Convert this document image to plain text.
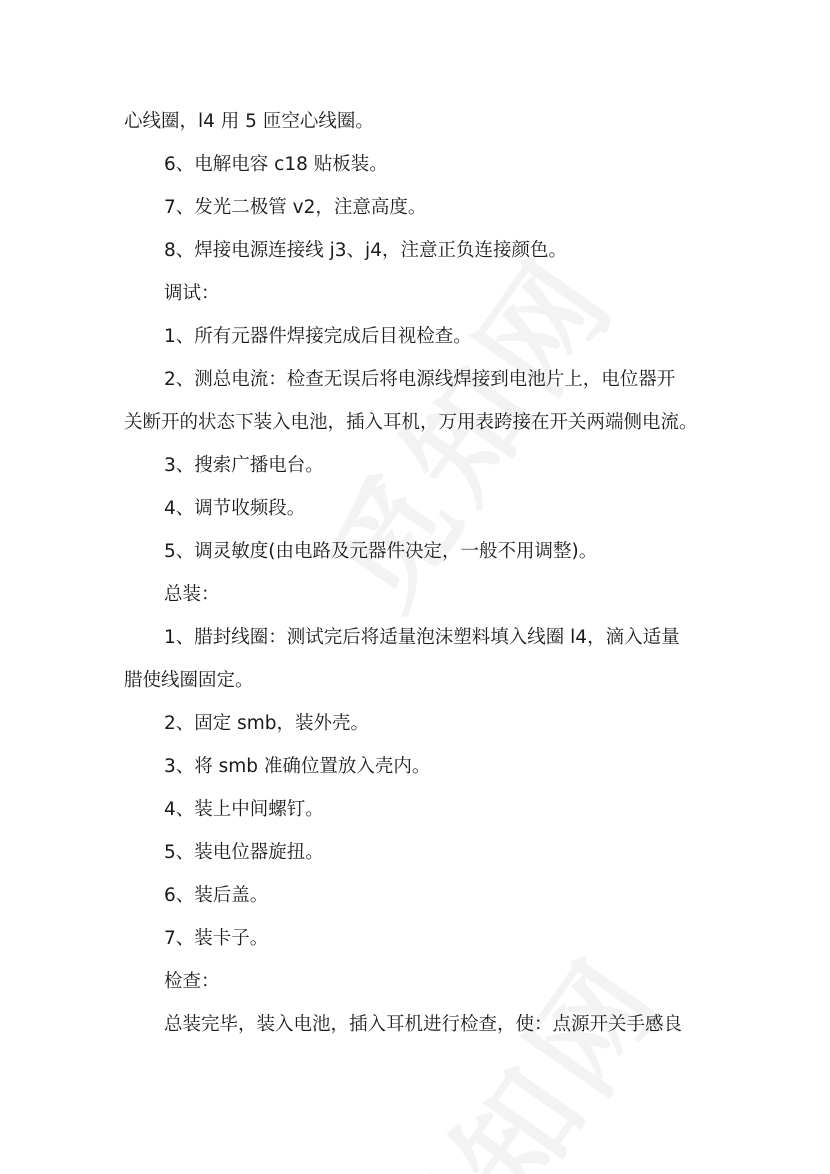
心线圈，l4 用 5 匝空心线圈。

6、电解电容 c18 贴板装。

7、发光二极管 v2，注意高度。

8、焊接电源连接线 j3、j4，注意正负连接颜色。

调试：

1、所有元器件焊接完成后目视检查。

2、测总电流：检查无误后将电源线焊接到电池片上，电位器开

关断开的状态下装入电池，插入耳机，万用表跨接在开关两端侧电流。

3、搜索广播电台。

4、调节收频段。

5、调灵敏度(由电路及元器件决定，一般不用调整)。

总装：

1、腊封线圈：测试完后将适量泡沫塑料填入线圈 l4，滴入适量

腊使线圈固定。

2、固定 smb，装外壳。

3、将 smb 准确位置放入壳内。

4、装上中间螺钉。

5、装电位器旋扭。

6、装后盖。

7、装卡子。

检查：

总装完毕，装入电池，插入耳机进行检查，使：点源开关手感良
